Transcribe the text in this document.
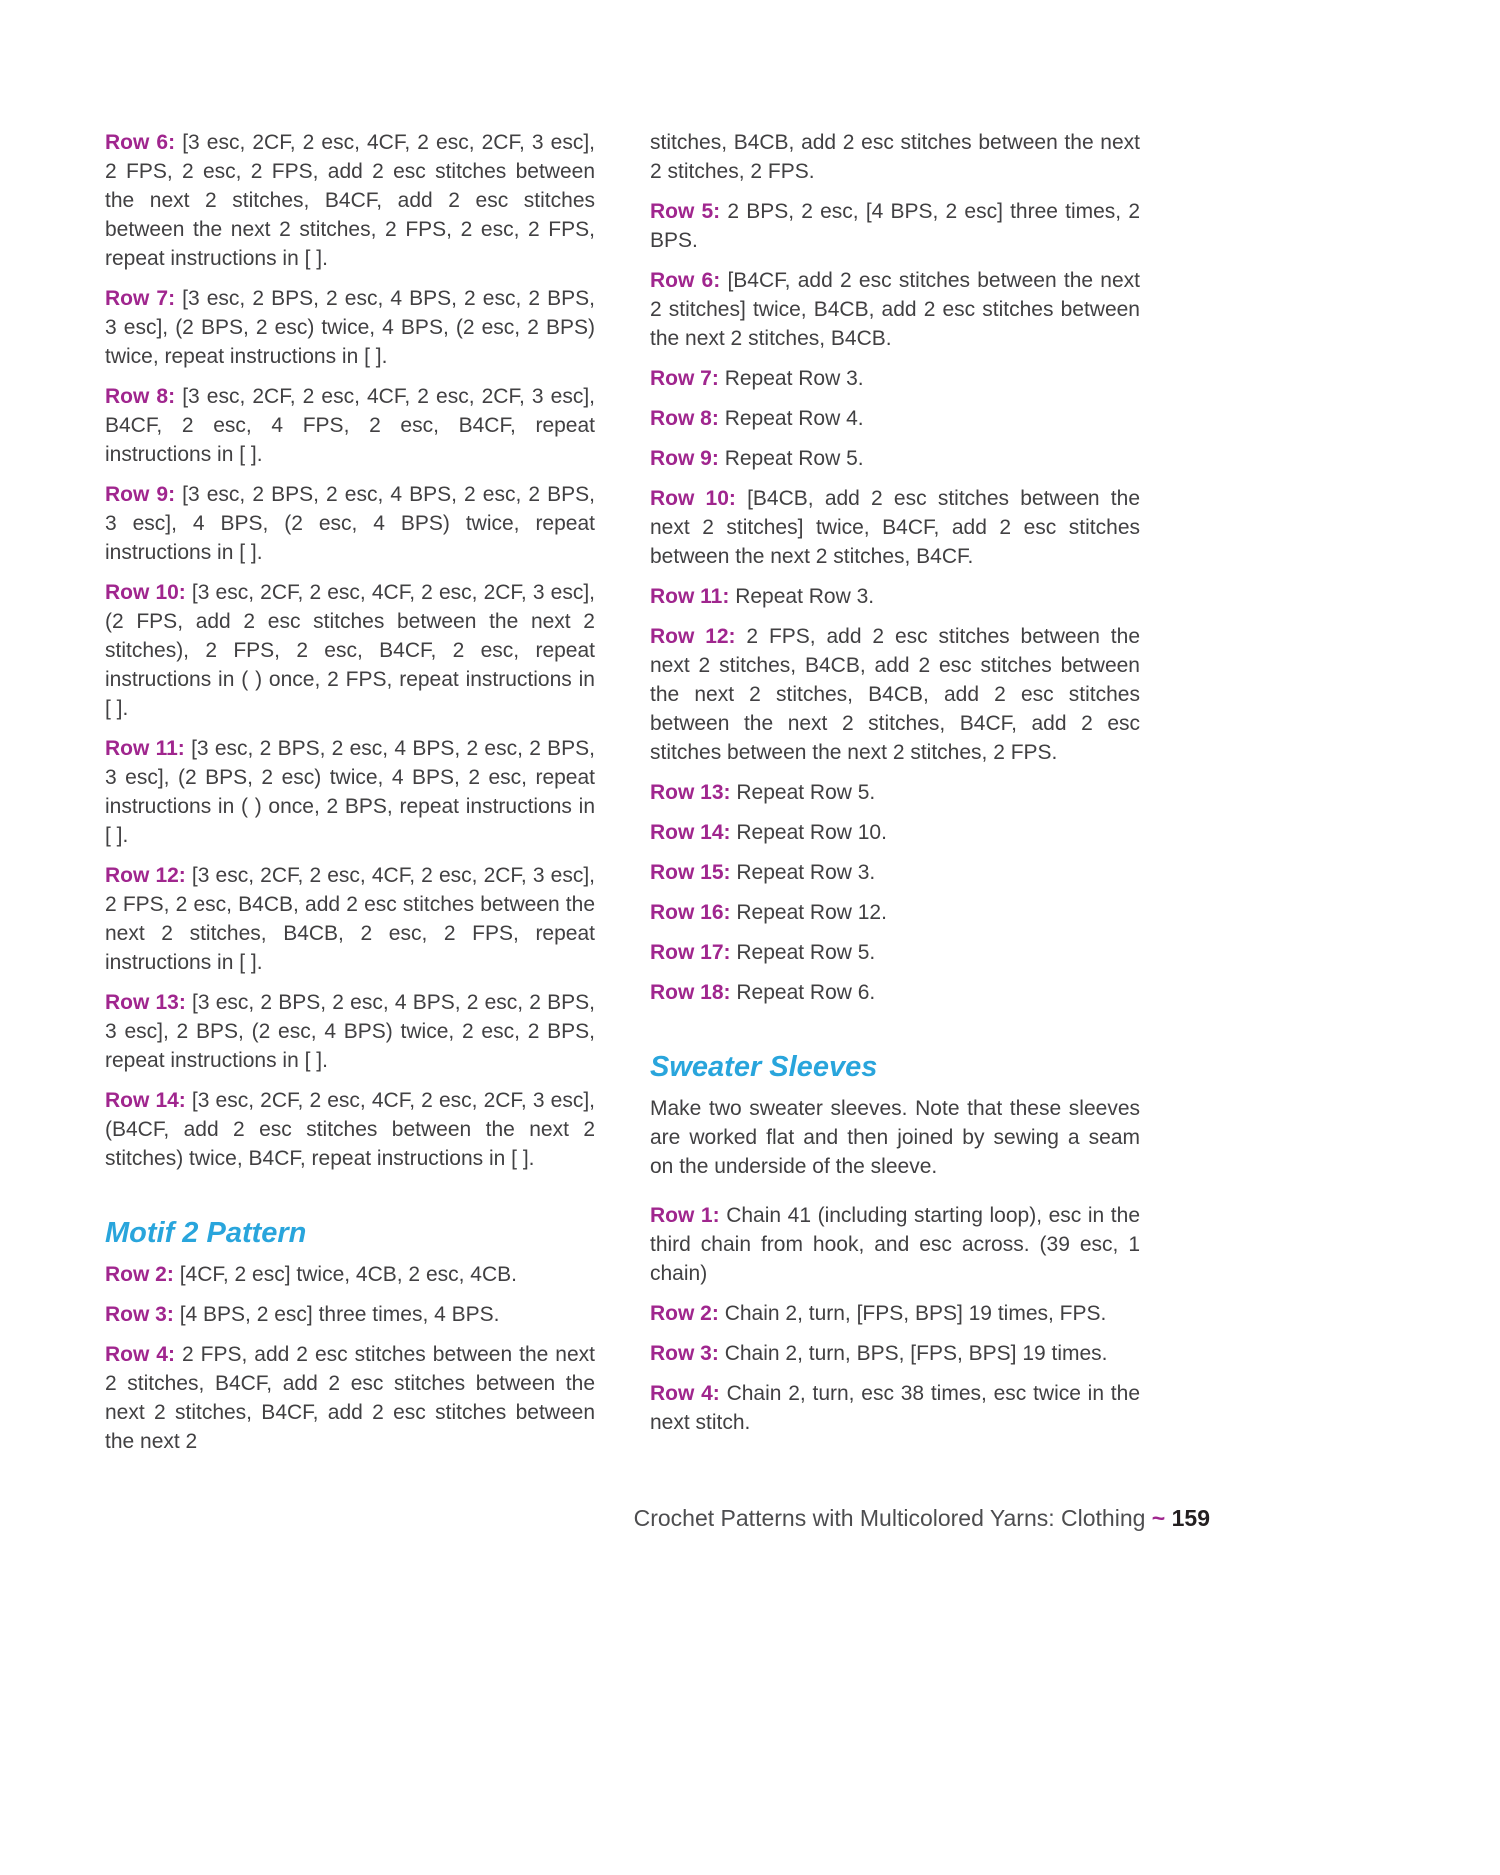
Row 6: [3 esc, 2CF, 2 esc, 4CF, 2 esc, 2CF, 3 esc], 2 FPS, 2 esc, 2 FPS, add 2 esc stitches between the next 2 stitches, B4CF, add 2 esc stitches between the next 2 stitches, 2 FPS, 2 esc, 2 FPS, repeat instructions in [ ].

Row 7: [3 esc, 2 BPS, 2 esc, 4 BPS, 2 esc, 2 BPS, 3 esc], (2 BPS, 2 esc) twice, 4 BPS, (2 esc, 2 BPS) twice, repeat instructions in [ ].

Row 8: [3 esc, 2CF, 2 esc, 4CF, 2 esc, 2CF, 3 esc], B4CF, 2 esc, 4 FPS, 2 esc, B4CF, repeat instructions in [ ].

Row 9: [3 esc, 2 BPS, 2 esc, 4 BPS, 2 esc, 2 BPS, 3 esc], 4 BPS, (2 esc, 4 BPS) twice, repeat instructions in [ ].

Row 10: [3 esc, 2CF, 2 esc, 4CF, 2 esc, 2CF, 3 esc], (2 FPS, add 2 esc stitches between the next 2 stitches), 2 FPS, 2 esc, B4CF, 2 esc, repeat instructions in ( ) once, 2 FPS, repeat instructions in [ ].

Row 11: [3 esc, 2 BPS, 2 esc, 4 BPS, 2 esc, 2 BPS, 3 esc], (2 BPS, 2 esc) twice, 4 BPS, 2 esc, repeat instructions in ( ) once, 2 BPS, repeat instructions in [ ].

Row 12: [3 esc, 2CF, 2 esc, 4CF, 2 esc, 2CF, 3 esc], 2 FPS, 2 esc, B4CB, add 2 esc stitches between the next 2 stitches, B4CB, 2 esc, 2 FPS, repeat instructions in [ ].

Row 13: [3 esc, 2 BPS, 2 esc, 4 BPS, 2 esc, 2 BPS, 3 esc], 2 BPS, (2 esc, 4 BPS) twice, 2 esc, 2 BPS, repeat instructions in [ ].

Row 14: [3 esc, 2CF, 2 esc, 4CF, 2 esc, 2CF, 3 esc], (B4CF, add 2 esc stitches between the next 2 stitches) twice, B4CF, repeat instructions in [ ].

Motif 2 Pattern

Row 2: [4CF, 2 esc] twice, 4CB, 2 esc, 4CB.

Row 3: [4 BPS, 2 esc] three times, 4 BPS.

Row 4: 2 FPS, add 2 esc stitches between the next 2 stitches, B4CF, add 2 esc stitches between the next 2 stitches, B4CF, add 2 esc stitches between the next 2

stitches, B4CB, add 2 esc stitches between the next 2 stitches, 2 FPS.

Row 5: 2 BPS, 2 esc, [4 BPS, 2 esc] three times, 2 BPS.

Row 6: [B4CF, add 2 esc stitches between the next 2 stitches] twice, B4CB, add 2 esc stitches between the next 2 stitches, B4CB.

Row 7: Repeat Row 3.

Row 8: Repeat Row 4.

Row 9: Repeat Row 5.

Row 10: [B4CB, add 2 esc stitches between the next 2 stitches] twice, B4CF, add 2 esc stitches between the next 2 stitches, B4CF.

Row 11: Repeat Row 3.

Row 12: 2 FPS, add 2 esc stitches between the next 2 stitches, B4CB, add 2 esc stitches between the next 2 stitches, B4CB, add 2 esc stitches between the next 2 stitches, B4CF, add 2 esc stitches between the next 2 stitches, 2 FPS.

Row 13: Repeat Row 5.

Row 14: Repeat Row 10.

Row 15: Repeat Row 3.

Row 16: Repeat Row 12.

Row 17: Repeat Row 5.

Row 18: Repeat Row 6.

Sweater Sleeves

Make two sweater sleeves. Note that these sleeves are worked flat and then joined by sewing a seam on the underside of the sleeve.

Row 1: Chain 41 (including starting loop), esc in the third chain from hook, and esc across. (39 esc, 1 chain)

Row 2: Chain 2, turn, [FPS, BPS] 19 times, FPS.

Row 3: Chain 2, turn, BPS, [FPS, BPS] 19 times.

Row 4: Chain 2, turn, esc 38 times, esc twice in the next stitch.

Crochet Patterns with Multicolored Yarns: Clothing ~ 159
